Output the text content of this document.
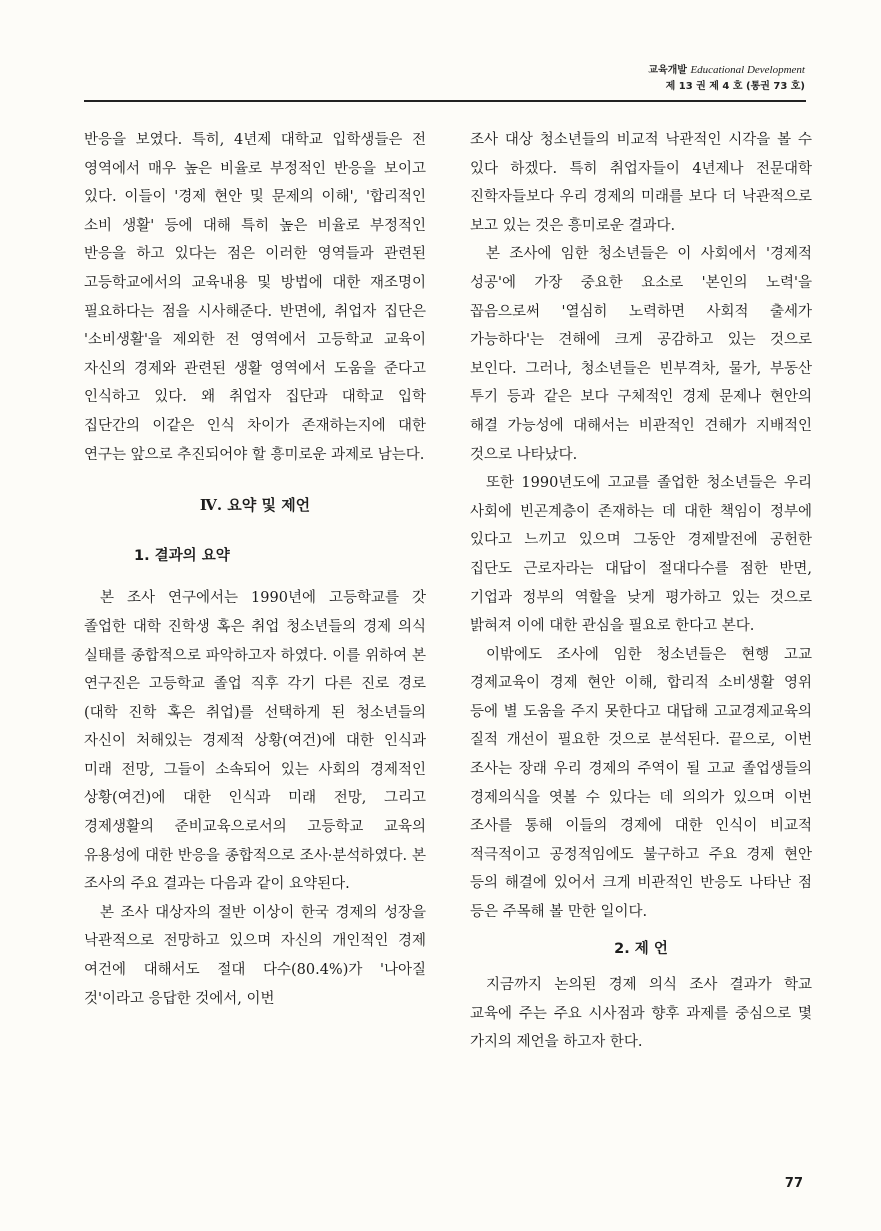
교육개발 Educational Development
제 13 권 제 4 호 (통권 73 호)

반응을 보였다. 특히, 4년제 대학교 입학생들은 전 영역에서 매우 높은 비율로 부정적인 반응을 보이고 있다. 이들이 '경제 현안 및 문제의 이해', '합리적인 소비 생활' 등에 대해 특히 높은 비율로 부정적인 반응을 하고 있다는 점은 이러한 영역들과 관련된 고등학교에서의 교육내용 및 방법에 대한 재조명이 필요하다는 점을 시사해준다. 반면에, 취업자 집단은 '소비생활'을 제외한 전 영역에서 고등학교 교육이 자신의 경제와 관련된 생활 영역에서 도움을 준다고 인식하고 있다. 왜 취업자 집단과 대학교 입학 집단간의 이같은 인식 차이가 존재하는지에 대한 연구는 앞으로 추진되어야 할 흥미로운 과제로 남는다.

Ⅳ. 요약 및 제언
1. 결과의 요약

본 조사 연구에서는 1990년에 고등학교를 갓 졸업한 대학 진학생 혹은 취업 청소년들의 경제 의식 실태를 종합적으로 파악하고자 하였다. 이를 위하여 본 연구진은 고등학교 졸업 직후 각기 다른 진로 경로(대학 진학 혹은 취업)를 선택하게 된 청소년들의 자신이 처해있는 경제적 상황(여건)에 대한 인식과 미래 전망, 그들이 소속되어 있는 사회의 경제적인 상황(여건)에 대한 인식과 미래 전망, 그리고 경제생활의 준비교육으로서의 고등학교 교육의 유용성에 대한 반응을 종합적으로 조사·분석하였다. 본 조사의 주요 결과는 다음과 같이 요약된다.

본 조사 대상자의 절반 이상이 한국 경제의 성장을 낙관적으로 전망하고 있으며 자신의 개인적인 경제 여건에 대해서도 절대 다수(80.4%)가 '나아질 것'이라고 응답한 것에서, 이번

조사 대상 청소년들의 비교적 낙관적인 시각을 볼 수 있다 하겠다. 특히 취업자들이 4년제나 전문대학 진학자들보다 우리 경제의 미래를 보다 더 낙관적으로 보고 있는 것은 흥미로운 결과다.

본 조사에 임한 청소년들은 이 사회에서 '경제적 성공'에 가장 중요한 요소로 '본인의 노력'을 꼽음으로써 '열심히 노력하면 사회적 출세가 가능하다'는 견해에 크게 공감하고 있는 것으로 보인다. 그러나, 청소년들은 빈부격차, 물가, 부동산 투기 등과 같은 보다 구체적인 경제 문제나 현안의 해결 가능성에 대해서는 비관적인 견해가 지배적인 것으로 나타났다.

또한 1990년도에 고교를 졸업한 청소년들은 우리 사회에 빈곤계층이 존재하는 데 대한 책임이 정부에 있다고 느끼고 있으며 그동안 경제발전에 공헌한 집단도 근로자라는 대답이 절대다수를 점한 반면, 기업과 정부의 역할을 낮게 평가하고 있는 것으로 밝혀져 이에 대한 관심을 필요로 한다고 본다.

이밖에도 조사에 임한 청소년들은 현행 고교 경제교육이 경제 현안 이해, 합리적 소비생활 영위 등에 별 도움을 주지 못한다고 대답해 고교경제교육의 질적 개선이 필요한 것으로 분석된다. 끝으로, 이번 조사는 장래 우리 경제의 주역이 될 고교 졸업생들의 경제의식을 엿볼 수 있다는 데 의의가 있으며 이번 조사를 통해 이들의 경제에 대한 인식이 비교적 적극적이고 공정적임에도 불구하고 주요 경제 현안 등의 해결에 있어서 크게 비관적인 반응도 나타난 점 등은 주목해 볼 만한 일이다.

2. 제 언

지금까지 논의된 경제 의식 조사 결과가 학교 교육에 주는 주요 시사점과 향후 과제를 중심으로 몇 가지의 제언을 하고자 한다.

77
